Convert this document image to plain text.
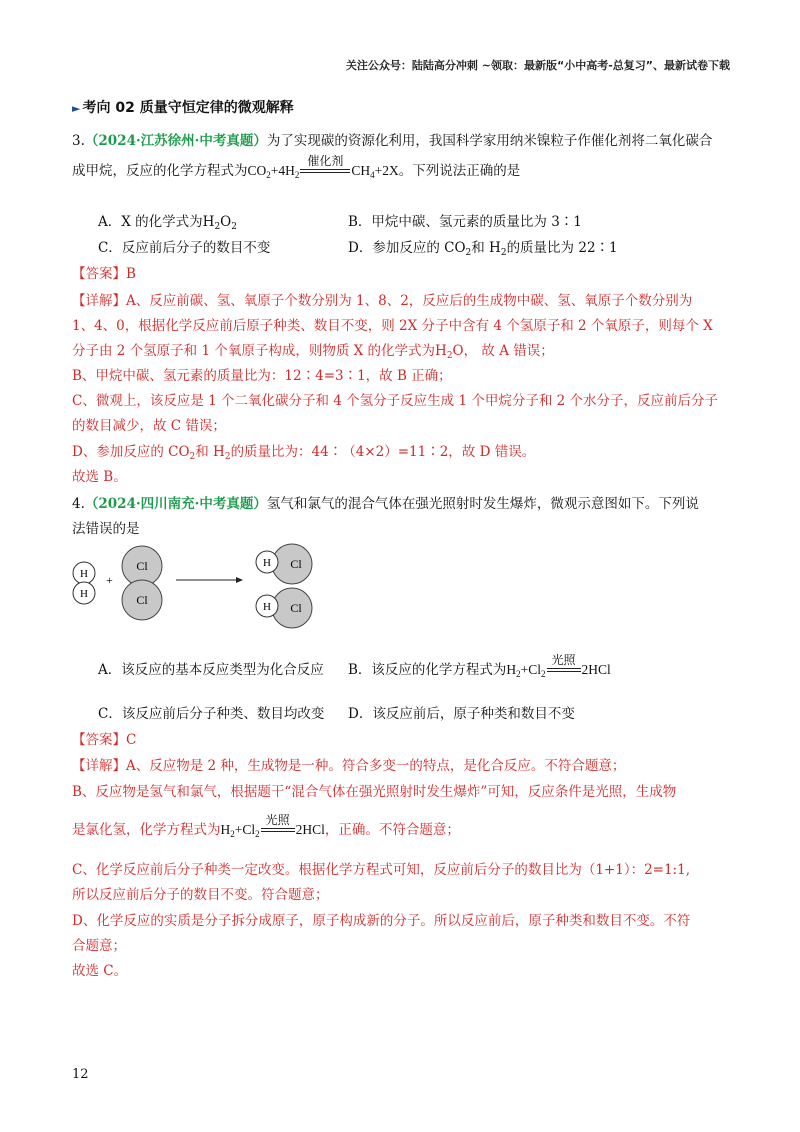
关注公众号：陆陆高分冲刺 ~领取：最新版“小中高考-总复习”、最新试卷下载
► 考向 02 质量守恒定律的微观解释
3.（2024·江苏徐州·中考真题）为了实现碳的资源化利用，我国科学家用纳米镍粒子作催化剂将二氧化碳合
成甲烷，反应的化学方程式为$CO_2+4H_2$
催化剂
$CH_4+2X$。下列说法正确的是
A．X 的化学式为$H_2O_2$	B．甲烷中碳、氢元素的质量比为 3∶1
C．反应前后分子的数目不变	D．参加反应的 $CO_2$和 $H_2$的质量比为 22∶1
【答案】B
【详解】A、反应前碳、氢、氧原子个数分别为 1、8、2，反应后的生成物中碳、氢、氧原子个数分别为
1、4、0，根据化学反应前后原子种类、数目不变，则 2X 分子中含有 4 个氢原子和 2 个氧原子，则每个 X
分子由 2 个氢原子和 1 个氧原子构成，则物质 X 的化学式为$H_2O$， 故 A 错误；
B、甲烷中碳、氢元素的质量比为：12∶4=3∶1，故 B 正确；
C、微观上，该反应是 1 个二氧化碳分子和 4 个氢分子反应生成 1 个甲烷分子和 2 个水分子，反应前后分子
的数目减少，故 C 错误；
D、参加反应的 $CO_2$和 $H_2$的质量比为：44∶（4×2）=11∶2，故 D 错误。
故选 B。
4.（2024·四川南充·中考真题）氢气和氯气的混合气体在强光照射时发生爆炸，微观示意图如下。下列说
法错误的是
H
H
+
Cl
Cl
Cl
H
Cl
H
A．该反应的基本反应类型为化合反应 B．该反应的化学方程式为$H_2+Cl_2$
光照
2HCl
C．该反应前后分子种类、数目均改变 D．该反应前后，原子种类和数目不变
【答案】C
【详解】A、反应物是 2 种，生成物是一种。符合多变一的特点，是化合反应。不符合题意；
B、反应物是氢气和氯气，根据题干“混合气体在强光照射时发生爆炸”可知，反应条件是光照，生成物
是氯化氢，化学方程式为$H_2+Cl_2$
光照
2HCl，正确。不符合题意；
C、化学反应前后分子种类一定改变。根据化学方程式可知，反应前后分子的数目比为（1+1）：2=1:1,
所以反应前后分子的数目不变。符合题意；
D、化学反应的实质是分子拆分成原子，原子构成新的分子。所以反应前后，原子种类和数目不变。不符
合题意；
故选 C。
12
